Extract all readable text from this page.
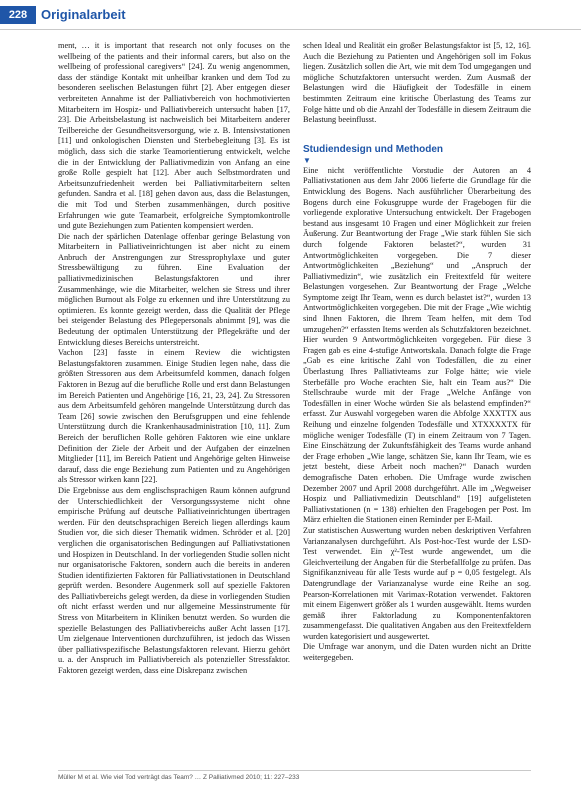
228	Originalarbeit

ment, … it is important that research not only focuses on the wellbeing of the patients and their informal carers, but also on the wellbeing of professional caregivers“ [24]. Zu wenig angenommen, dass der ständige Kontakt mit unheilbar kranken und dem Tod zu besonderen seelischen Belastungen führt [2]. Aber entgegen dieser verbreiteten Annahme ist der Palliativbereich von hochmotivierten Mitarbeitern im Hospiz- und Palliativbereich untersucht haben [17, 23]. Die Arbeitsbelastung ist nachweislich bei Mitarbeitern anderer Teilbereiche der Gesundheitsversorgung, wie z. B. Intensivstationen [11] und onkologischen Diensten und Sterbebegleitung [3]. Es ist möglich, dass sich die starke Teamorientierung entwickelt, welche die in der Entwicklung der Palliativmedizin von Anfang an eine große Rolle gespielt hat [12]. Aber auch Selbstmordraten und Arbeitsunzufriedenheit werden bei Palliativmitarbeitern selten gefunden. Sandra et al. [18] gehen davon aus, dass die Belastungen, die mit Tod und Sterben zusammenhängen, durch positive Erfahrungen wie gute Teamarbeit, erfolgreiche Symptomkontrolle und gute Beziehungen zum Patienten kompensiert werden.

Die nach der spärlichen Datenlage offenbar geringe Belastung von Mitarbeitern in Palliativeinrichtungen ist aber nicht zu einem Anbruch der Anstrengungen zur Stressprophylaxe und guter Stressbewältigung zu führen. Eine Evaluation der palliativmedizinischen Belastungsfaktoren und ihrer Zusammenhänge, wie die Mitarbeiter, welchen sie Stress und ihrer möglichen Burnout als Folge zu erkennen und ihre Unterstützung zu optimieren. Es konnte gezeigt werden, dass die Qualität der Pflege bei steigender Belastung des Pflegepersonals abnimmt [9], was die Bedeutung der optimalen Unterstützung der Pflegekräfte und der Entwicklung dieses Bereichs unterstreicht.

Vachon [23] fasste in einem Review die wichtigsten Belastungsfaktoren zusammen. Einige Studien legen nahe, dass die größten Stressoren aus dem Arbeitsumfeld kommen, danach folgen Faktoren in Bezug auf die berufliche Rolle und erst dann Belastungen im Bereich Patienten und Angehörige [16, 21, 23, 24]. Zu Stressoren aus dem Arbeitsumfeld gehören mangelnde Unterstützung durch das Team [26] sowie zwischen den Berufsgruppen und eine fehlende Unterstützung durch die Krankenhausadministration [10, 11]. Zum Bereich der beruflichen Rolle gehören Faktoren wie eine unklare Definition der Ziele der Arbeit und der Aufgaben der einzelnen Mitglieder [11], im Bereich Patient und Angehörige gelten Hinweise darauf, dass die enge Beziehung zum Patienten und zu Angehörigen als Stressor wirken kann [22].

Die Ergebnisse aus dem englischsprachigen Raum können aufgrund der Unterschiedlichkeit der Versorgungssysteme nicht ohne empirische Prüfung auf deutsche Palliativeinrichtungen übertragen werden. Für den deutschsprachigen Bereich liegen allerdings kaum Studien vor, die sich dieser Thematik widmen. Schröder et al. [20] verglichen die organisatorischen Bedingungen auf Palliativstationen und Hospizen in Deutschland. In der vorliegenden Studie sollen nicht nur organisatorische Faktoren, sondern auch die bereits in anderen Studien identifizierten Faktoren für Palliativstationen in Deutschland geprüft werden. Besondere Augenmerk soll auf spezielle Faktoren des Palliativbereichs gelegt werden, da diese in vorliegenden Studien oft nicht erfasst werden und nur allgemeine Messinstrumente für Stress von Mitarbeitern in Kliniken benutzt werden. So wurden die spezielle Belastungen des Palliativbereichs außer Acht lassen [17]. Um zielgenaue Interventionen durchzuführen, ist jedoch das Wissen über palliativspezifische Belastungsfaktoren relevant. Hierzu gehört u. a. der Anspruch im Palliativbereich als potenzieller Stressfaktor. Faktoren gezeigt werden, dass eine Diskrepanz zwischen

schen Ideal und Realität ein großer Belastungsfaktor ist [5, 12, 16]. Auch die Beziehung zu Patienten und Angehörigen soll im Fokus liegen. Zusätzlich sollen die Art, wie mit dem Tod umgegangen und mögliche Schutzfaktoren untersucht werden. Zum Ausmaß der Belastungen wird die Häufigkeit der Todesfälle in einem bestimmten Zeitraum eine kritische Überlastung des Teams zur Folge hätte und ob die Anzahl der Todesfälle in diesem Zeitraum die Belastung beeinflusst.

Studiendesign und Methoden
▼

Eine nicht veröffentlichte Vorstudie der Autoren an 4 Palliativstationen aus dem Jahr 2006 lieferte die Grundlage für die Entwicklung des Bogens. Nach ausführlicher Überarbeitung des Bogens durch eine Fokusgruppe wurde der Fragebogen für die vorliegende explorative Untersuchung entwickelt. Der Fragebogen bestand aus insgesamt 10 Fragen und einer Möglichkeit zur freien Äußerung. Zur Beantwortung der Frage „Wie stark fühlen Sie sich durch folgende Faktoren belastet?“, wurden 31 Antwortmöglichkeiten vorgegeben. Die 7 dieser Antwortmöglichkeiten „Beziehung“ und „Anspruch der Palliativmedizin“, wie zusätzlich ein Freitextfeld für weitere Belastungen vorgesehen. Zur Beantwortung der Frage „Welche Symptome zeigt Ihr Team, wenn es durch belastet ist?“, wurden 13 Antwortmöglichkeiten vorgegeben. Die mit der Frage „Wie wichtig sind Ihnen Faktoren, die Ihrem Team helfen, mit dem Tod umzugehen?“ erfassten Items werden als Schutzfaktoren bezeichnet. Hier wurden 9 Antwortmöglichkeiten vorgegeben. Für diese 3 Fragen gab es eine 4-stufige Antwortskala. Danach folgte die Frage „Gab es eine kritische Zahl von Todesfällen, die zu einer Überlastung Ihres Palliativteams zur Folge hätte; wie viele Sterbefälle pro Woche erachten Sie, halt ein Team aus?“ Die Stellschraube wurde mit der Frage „Welche Anfänge von Todesfällen in einer Woche würden Sie als belastend empfinden?“ erfasst. Zur Auswahl vorgegeben waren die Abfolge XXXTTX aus Reihung und einzelne folgenden Todesfälle und XTXXXXTX für mögliche weniger Todesfälle (T) in einem Zeitraum von 7 Tagen. Eine Einschätzung der Zukunftsfähigkeit des Teams wurde anhand der Frage erhoben „Wie lange, schätzen Sie, kann Ihr Team, wie es jetzt besteht, diese Arbeit noch machen?“ Danach wurden demografische Daten erhoben. Die Umfrage wurde zwischen Dezember 2007 und April 2008 durchgeführt. Alle im „Wegweiser Hospiz und Palliativmedizin Deutschland“ [19] aufgelisteten Palliativstationen (n = 138) erhielten den Fragebogen per Post. Im März erhielten die Stationen einen Reminder per E-Mail.

Zur statistischen Auswertung wurden neben deskriptiven Verfahren Varianzanalysen durchgeführt. Als Post-hoc-Test wurde der LSD-Test verwendet. Ein χ²-Test wurde angewendet, um die Gleichverteilung der Angaben für die Sterbefallfolge zu prüfen. Das Signifikanzniveau für alle Tests wurde auf p = 0,05 festgelegt. Als Datengrundlage der Varianzanalyse wurde eine Reihe an sog. Pearson-Korrelationen mit Varimax-Rotation verwendet. Faktoren mit einem Eigenwert größer als 1 wurden ausgewählt. Items wurden gemäß ihrer Faktorladung zu Komponentenfaktoren zusammengefasst. Die qualitativen Angaben aus den Freitextfeldern wurden kategorisiert und ausgewertet.

Die Umfrage war anonym, und die Daten wurden nicht an Dritte weitergegeben.

Müller M et al. Wie viel Tod verträgt das Team? … Z Palliativmed 2010; 11: 227–233
